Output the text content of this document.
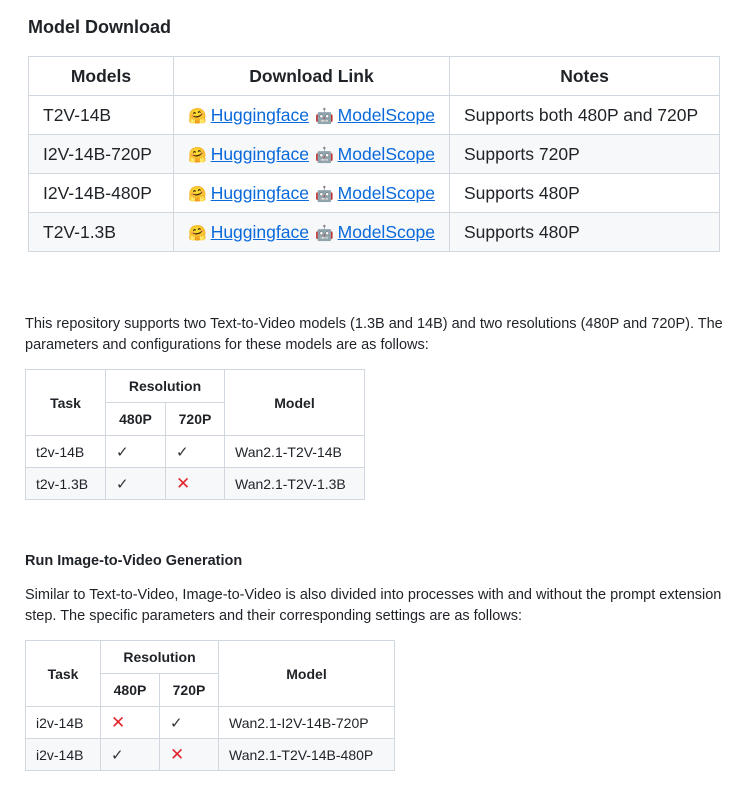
Model Download
Models	Download Link	Notes
T2V-14B	🤗 Huggingface 🤖 ModelScope	Supports both 480P and 720P
I2V-14B-720P	🤗 Huggingface 🤖 ModelScope	Supports 720P
I2V-14B-480P	🤗 Huggingface 🤖 ModelScope	Supports 480P
T2V-1.3B	🤗 Huggingface 🤖 ModelScope	Supports 480P

This repository supports two Text-to-Video models (1.3B and 14B) and two resolutions (480P and 720P). The parameters and configurations for these models are as follows:

Task	Resolution		Model
	480P	720P	
t2v-14B	✓	✓	Wan2.1-T2V-14B
t2v-1.3B	✓	✕	Wan2.1-T2V-1.3B
Run Image-to-Video Generation

Similar to Text-to-Video, Image-to-Video is also divided into processes with and without the prompt extension step. The specific parameters and their corresponding settings are as follows:

Task	Resolution		Model
	480P	720P	
i2v-14B	✕	✓	Wan2.1-I2V-14B-720P
i2v-14B	✓	✕	Wan2.1-T2V-14B-480P
